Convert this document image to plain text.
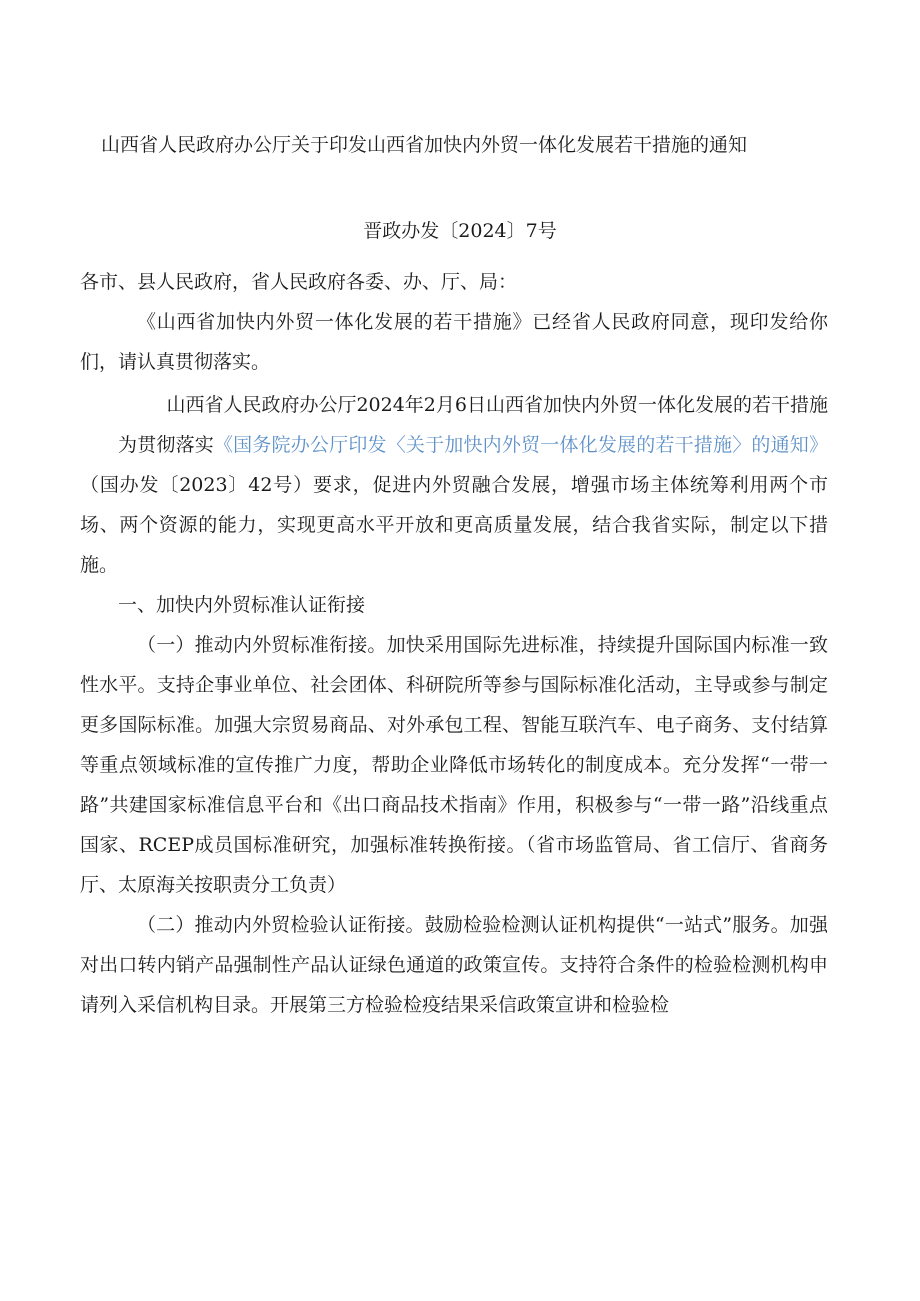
山西省人民政府办公厅关于印发山西省加快内外贸一体化发展若干措施的通知
晋政办发〔2024〕7号

各市、县人民政府，省人民政府各委、办、厅、局：

《山西省加快内外贸一体化发展的若干措施》已经省人民政府同意，现印发给你们，请认真贯彻落实。

山西省人民政府办公厅2024年2月6日山西省加快内外贸一体化发展的若干措施

为贯彻落实《国务院办公厅印发〈关于加快内外贸一体化发展的若干措施〉的通知》（国办发〔2023〕42号）要求，促进内外贸融合发展，增强市场主体统筹利用两个市场、两个资源的能力，实现更高水平开放和更高质量发展，结合我省实际，制定以下措施。

一、加快内外贸标准认证衔接

（一）推动内外贸标准衔接。加快采用国际先进标准，持续提升国际国内标准一致性水平。支持企事业单位、社会团体、科研院所等参与国际标准化活动，主导或参与制定更多国际标准。加强大宗贸易商品、对外承包工程、智能互联汽车、电子商务、支付结算等重点领域标准的宣传推广力度，帮助企业降低市场转化的制度成本。充分发挥“一带一路”共建国家标准信息平台和《出口商品技术指南》作用，积极参与“一带一路”沿线重点国家、RCEP成员国标准研究，加强标准转换衔接。（省市场监管局、省工信厅、省商务厅、太原海关按职责分工负责）

（二）推动内外贸检验认证衔接。鼓励检验检测认证机构提供“一站式”服务。加强对出口转内销产品强制性产品认证绿色通道的政策宣传。支持符合条件的检验检测机构申请列入采信机构目录。开展第三方检验检疫结果采信政策宣讲和检验检
